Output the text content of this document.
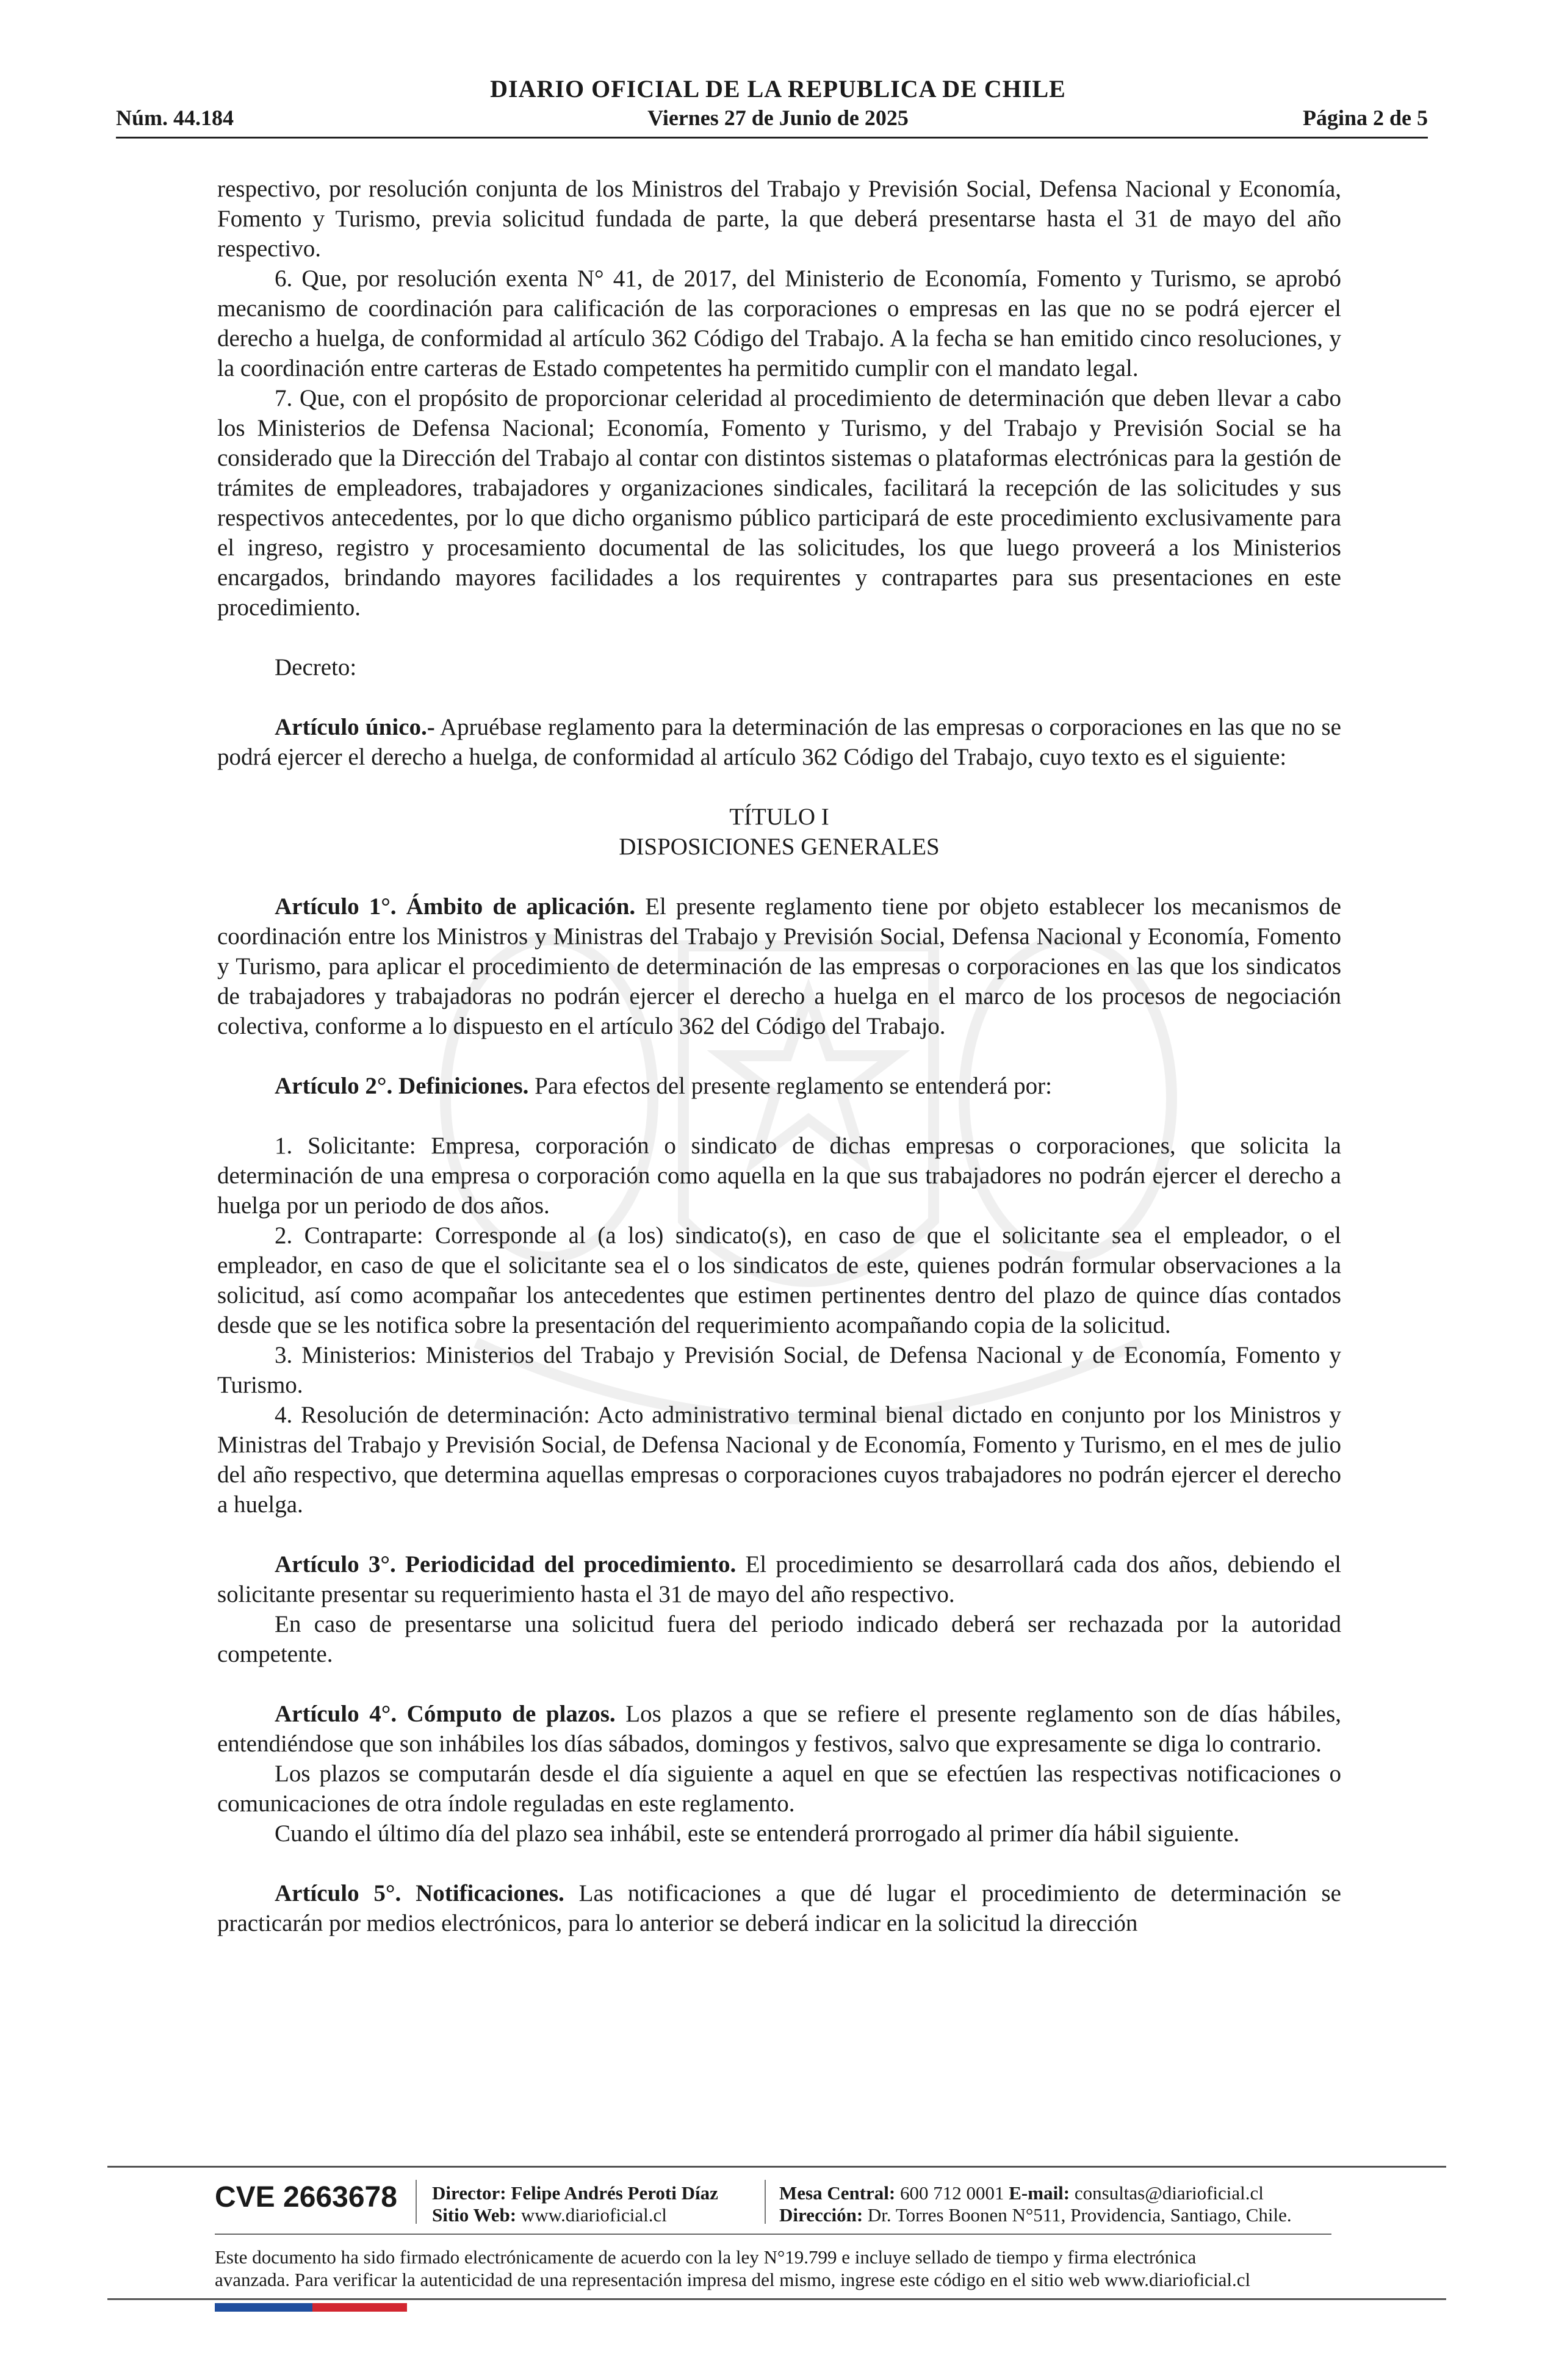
DIARIO OFICIAL DE LA REPUBLICA DE CHILE
Núm. 44.184	Viernes 27 de Junio de 2025	Página 2 de 5

respectivo, por resolución conjunta de los Ministros del Trabajo y Previsión Social, Defensa Nacional y Economía, Fomento y Turismo, previa solicitud fundada de parte, la que deberá presentarse hasta el 31 de mayo del año respectivo.

6. Que, por resolución exenta N° 41, de 2017, del Ministerio de Economía, Fomento y Turismo, se aprobó mecanismo de coordinación para calificación de las corporaciones o empresas en las que no se podrá ejercer el derecho a huelga, de conformidad al artículo 362 Código del Trabajo. A la fecha se han emitido cinco resoluciones, y la coordinación entre carteras de Estado competentes ha permitido cumplir con el mandato legal.

7. Que, con el propósito de proporcionar celeridad al procedimiento de determinación que deben llevar a cabo los Ministerios de Defensa Nacional; Economía, Fomento y Turismo, y del Trabajo y Previsión Social se ha considerado que la Dirección del Trabajo al contar con distintos sistemas o plataformas electrónicas para la gestión de trámites de empleadores, trabajadores y organizaciones sindicales, facilitará la recepción de las solicitudes y sus respectivos antecedentes, por lo que dicho organismo público participará de este procedimiento exclusivamente para el ingreso, registro y procesamiento documental de las solicitudes, los que luego proveerá a los Ministerios encargados, brindando mayores facilidades a los requirentes y contrapartes para sus presentaciones en este procedimiento.

Decreto:

Artículo único.- Apruébase reglamento para la determinación de las empresas o corporaciones en las que no se podrá ejercer el derecho a huelga, de conformidad al artículo 362 Código del Trabajo, cuyo texto es el siguiente:

TÍTULO I

DISPOSICIONES GENERALES

Artículo 1°. Ámbito de aplicación. El presente reglamento tiene por objeto establecer los mecanismos de coordinación entre los Ministros y Ministras del Trabajo y Previsión Social, Defensa Nacional y Economía, Fomento y Turismo, para aplicar el procedimiento de determinación de las empresas o corporaciones en las que los sindicatos de trabajadores y trabajadoras no podrán ejercer el derecho a huelga en el marco de los procesos de negociación colectiva, conforme a lo dispuesto en el artículo 362 del Código del Trabajo.

Artículo 2°. Definiciones. Para efectos del presente reglamento se entenderá por:

1. Solicitante: Empresa, corporación o sindicato de dichas empresas o corporaciones, que solicita la determinación de una empresa o corporación como aquella en la que sus trabajadores no podrán ejercer el derecho a huelga por un periodo de dos años.

2. Contraparte: Corresponde al (a los) sindicato(s), en caso de que el solicitante sea el empleador, o el empleador, en caso de que el solicitante sea el o los sindicatos de este, quienes podrán formular observaciones a la solicitud, así como acompañar los antecedentes que estimen pertinentes dentro del plazo de quince días contados desde que se les notifica sobre la presentación del requerimiento acompañando copia de la solicitud.

3. Ministerios: Ministerios del Trabajo y Previsión Social, de Defensa Nacional y de Economía, Fomento y Turismo.

4. Resolución de determinación: Acto administrativo terminal bienal dictado en conjunto por los Ministros y Ministras del Trabajo y Previsión Social, de Defensa Nacional y de Economía, Fomento y Turismo, en el mes de julio del año respectivo, que determina aquellas empresas o corporaciones cuyos trabajadores no podrán ejercer el derecho a huelga.

Artículo 3°. Periodicidad del procedimiento. El procedimiento se desarrollará cada dos años, debiendo el solicitante presentar su requerimiento hasta el 31 de mayo del año respectivo.

En caso de presentarse una solicitud fuera del periodo indicado deberá ser rechazada por la autoridad competente.

Artículo 4°. Cómputo de plazos. Los plazos a que se refiere el presente reglamento son de días hábiles, entendiéndose que son inhábiles los días sábados, domingos y festivos, salvo que expresamente se diga lo contrario.

Los plazos se computarán desde el día siguiente a aquel en que se efectúen las respectivas notificaciones o comunicaciones de otra índole reguladas en este reglamento.

Cuando el último día del plazo sea inhábil, este se entenderá prorrogado al primer día hábil siguiente.

Artículo 5°. Notificaciones. Las notificaciones a que dé lugar el procedimiento de determinación se practicarán por medios electrónicos, para lo anterior se deberá indicar en la solicitud la dirección

CVE 2663678 Director: Felipe Andrés Peroti Díaz
Sitio Web: www.diarioficial.cl
Mesa Central: 600 712 0001 E-mail: consultas@diarioficial.cl
Dirección: Dr. Torres Boonen N°511, Providencia, Santiago, Chile.
Este documento ha sido firmado electrónicamente de acuerdo con la ley N°19.799 e incluye sellado de tiempo y firma electrónica
avanzada. Para verificar la autenticidad de una representación impresa del mismo, ingrese este código en el sitio web www.diarioficial.cl
